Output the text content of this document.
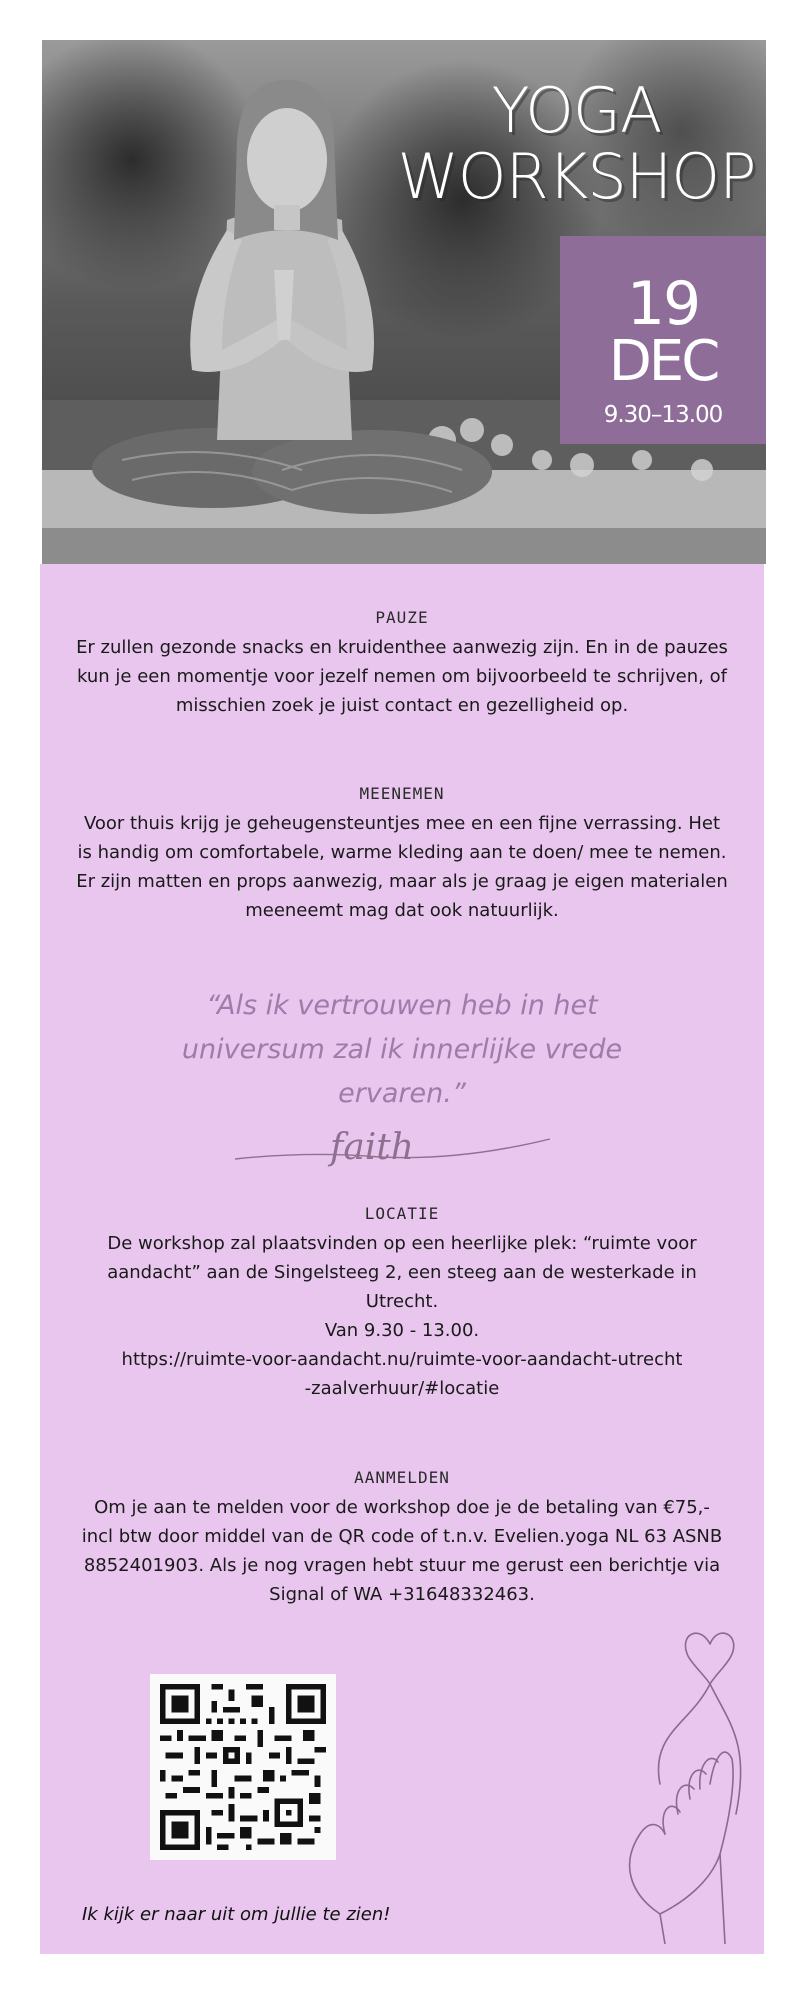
YOGA
WORKSHOP
19
DEC
9.30–13.00
PAUZE
Er zullen gezonde snacks en kruidenthee aanwezig zijn. En in de pauzes kun je een momentje voor jezelf nemen om bijvoorbeeld te schrijven, of misschien zoek je juist contact en gezelligheid op.
MEENEMEN
Voor thuis krijg je geheugensteuntjes mee en een fijne verrassing. Het is handig om comfortabele, warme kleding aan te doen/ mee te nemen. Er zijn matten en props aanwezig, maar als je graag je eigen materialen meeneemt mag dat ook natuurlijk.
“Als ik vertrouwen heb in het universum zal ik innerlijke vrede ervaren.”
faith
LOCATIE
De workshop zal plaatsvinden op een heerlijke plek: “ruimte voor aandacht” aan de Singelsteeg 2, een steeg aan de westerkade in Utrecht.
Van 9.30 - 13.00.
https://ruimte-voor-aandacht.nu/ruimte-voor-aandacht-utrecht-zaalverhuur/#locatie
AANMELDEN
Om je aan te melden voor de workshop doe je de betaling van €75,- incl btw door middel van de QR code of t.n.v. Evelien.yoga NL 63 ASNB 8852401903. Als je nog vragen hebt stuur me gerust een berichtje via Signal of WA +31648332463.
Ik kijk er naar uit om jullie te zien!
